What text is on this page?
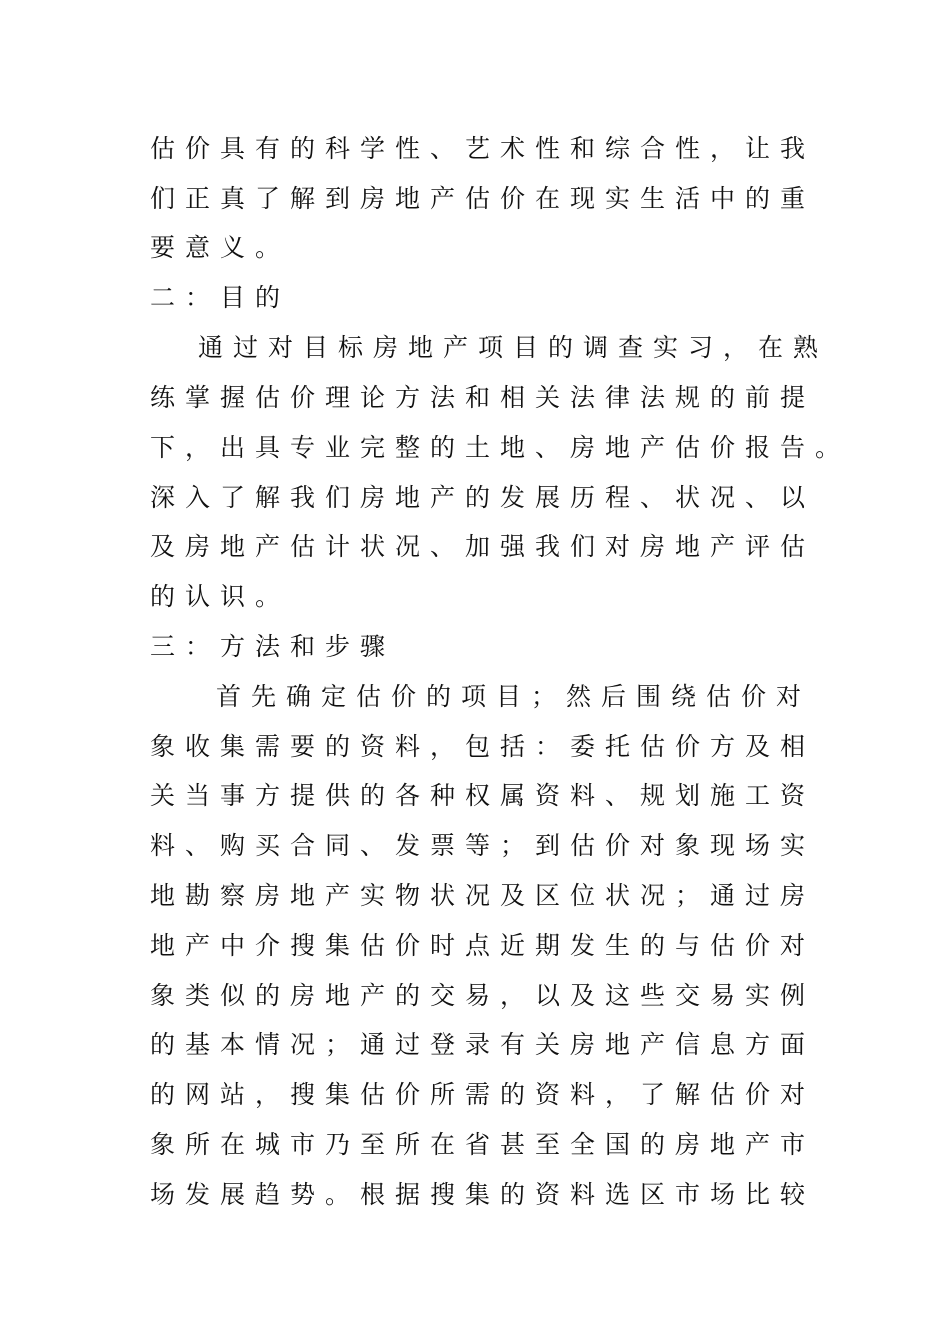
估价具有的科学性、艺术性和综合性，让我
们正真了解到房地产估价在现实生活中的重
要意义。
二：目的
通过对目标房地产项目的调查实习，在熟
练掌握估价理论方法和相关法律法规的前提
下，出具专业完整的土地、房地产估价报告。
深入了解我们房地产的发展历程、状况、以
及房地产估计状况、加强我们对房地产评估
的认识。
三：方法和步骤
首先确定估价的项目；然后围绕估价对
象收集需要的资料，包括：委托估价方及相
关当事方提供的各种权属资料、规划施工资
料、购买合同、发票等；到估价对象现场实
地勘察房地产实物状况及区位状况；通过房
地产中介搜集估价时点近期发生的与估价对
象类似的房地产的交易，以及这些交易实例
的基本情况；通过登录有关房地产信息方面
的网站，搜集估价所需的资料，了解估价对
象所在城市乃至所在省甚至全国的房地产市
场发展趋势。根据搜集的资料选区市场比较
